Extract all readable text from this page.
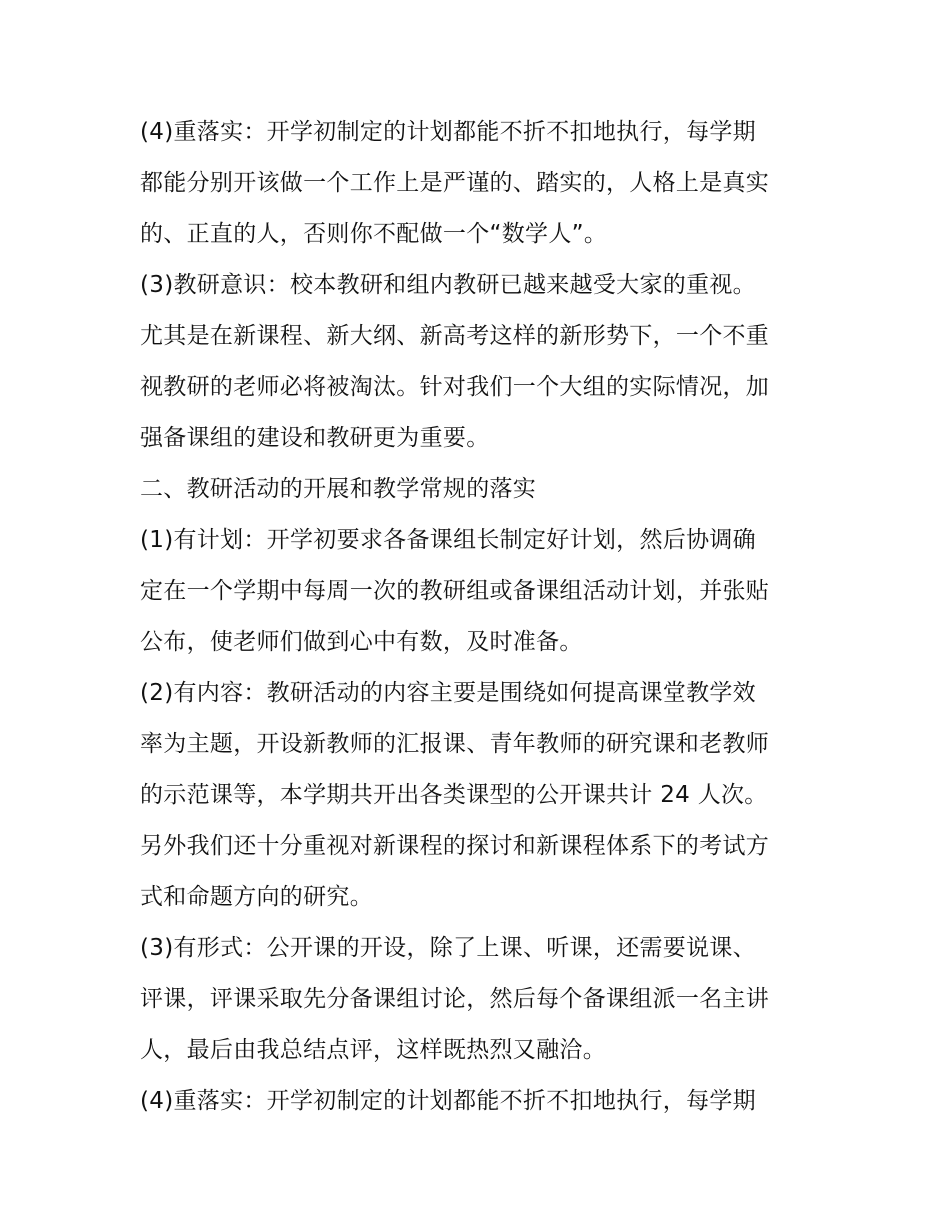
(4)重落实：开学初制定的计划都能不折不扣地执行，每学期

都能分别开该做一个工作上是严谨的、踏实的，人格上是真实

的、正直的人，否则你不配做一个“数学人”。

(3)教研意识：校本教研和组内教研已越来越受大家的重视。

尤其是在新课程、新大纲、新高考这样的新形势下，一个不重

视教研的老师必将被淘汰。针对我们一个大组的实际情况，加

强备课组的建设和教研更为重要。

二、教研活动的开展和教学常规的落实

(1)有计划：开学初要求各备课组长制定好计划，然后协调确

定在一个学期中每周一次的教研组或备课组活动计划，并张贴

公布，使老师们做到心中有数，及时准备。

(2)有内容：教研活动的内容主要是围绕如何提高课堂教学效

率为主题，开设新教师的汇报课、青年教师的研究课和老教师

的示范课等，本学期共开出各类课型的公开课共计 24 人次。

另外我们还十分重视对新课程的探讨和新课程体系下的考试方

式和命题方向的研究。

(3)有形式：公开课的开设，除了上课、听课，还需要说课、

评课，评课采取先分备课组讨论，然后每个备课组派一名主讲

人，最后由我总结点评，这样既热烈又融洽。

(4)重落实：开学初制定的计划都能不折不扣地执行，每学期
